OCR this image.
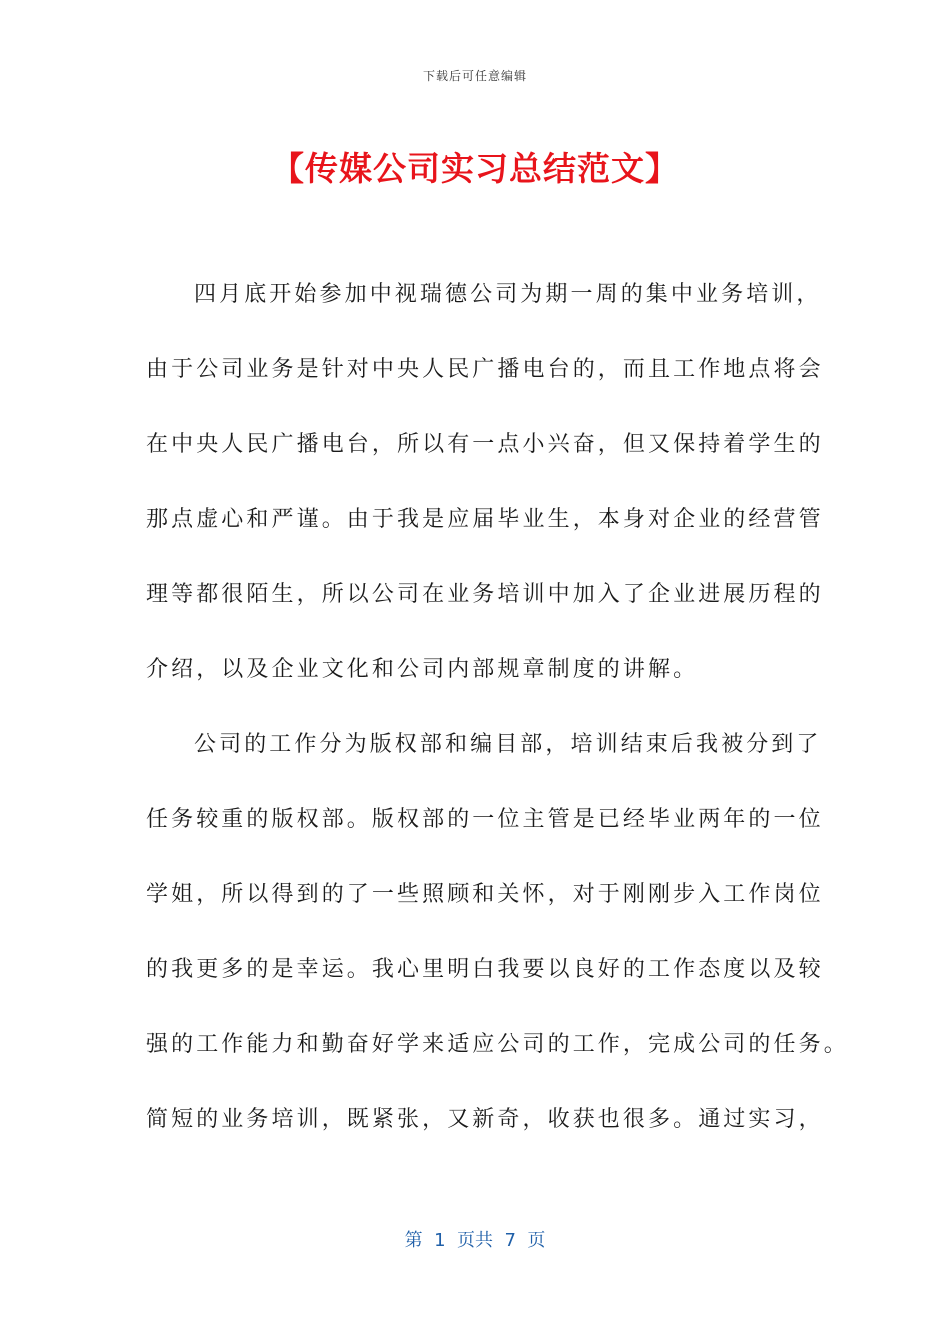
下载后可任意编辑
【传媒公司实习总结范文】
四月底开始参加中视瑞德公司为期一周的集中业务培训，
由于公司业务是针对中央人民广播电台的，而且工作地点将会
在中央人民广播电台，所以有一点小兴奋，但又保持着学生的
那点虚心和严谨。由于我是应届毕业生，本身对企业的经营管
理等都很陌生，所以公司在业务培训中加入了企业进展历程的
介绍，以及企业文化和公司内部规章制度的讲解。
公司的工作分为版权部和编目部，培训结束后我被分到了
任务较重的版权部。版权部的一位主管是已经毕业两年的一位
学姐，所以得到的了一些照顾和关怀，对于刚刚步入工作岗位
的我更多的是幸运。我心里明白我要以良好的工作态度以及较
强的工作能力和勤奋好学来适应公司的工作，完成公司的任务。
简短的业务培训，既紧张，又新奇，收获也很多。通过实习，
第  1  页共  7  页
